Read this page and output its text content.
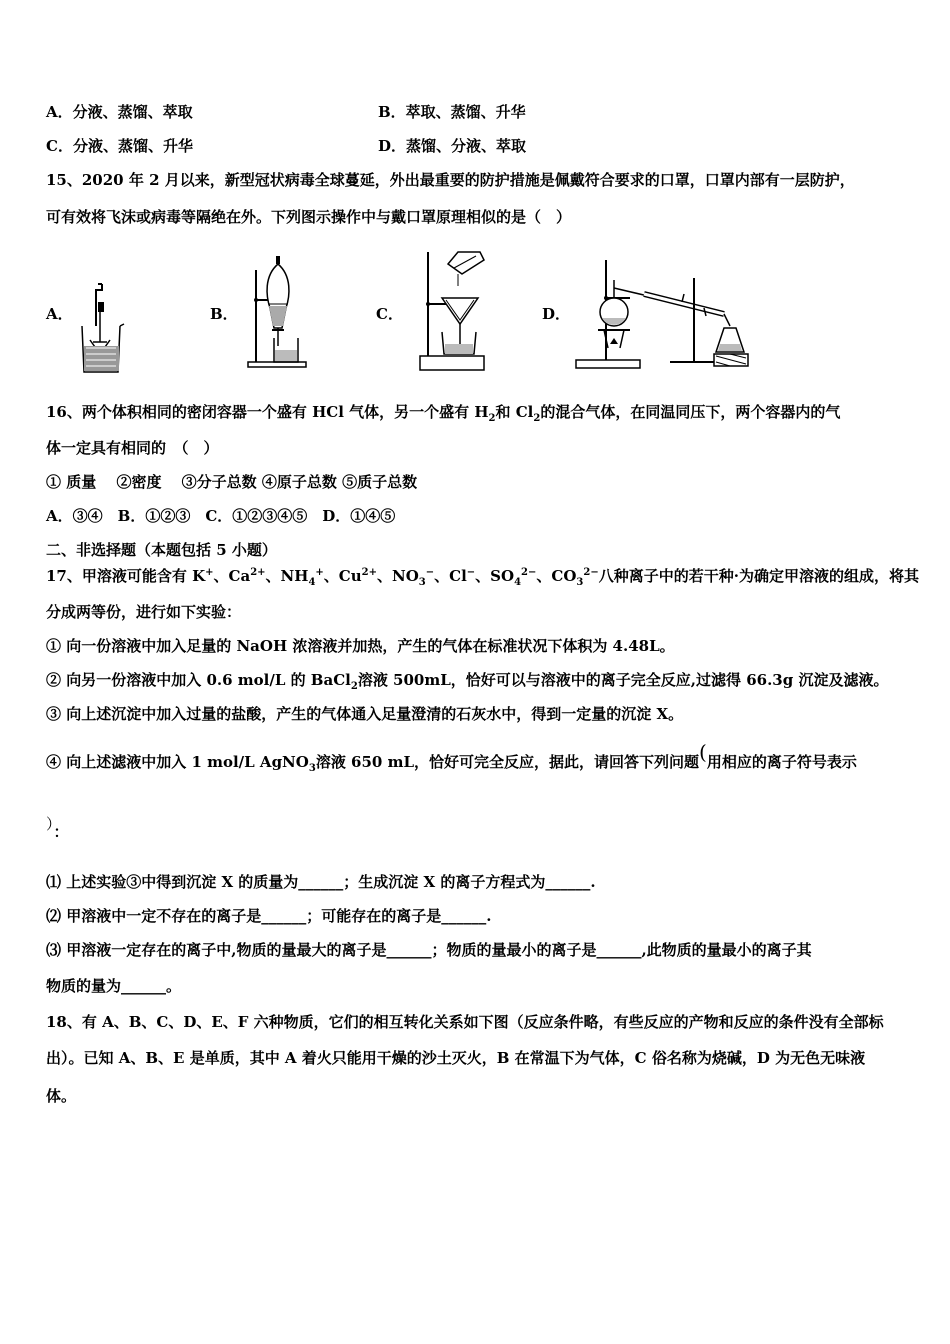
A．分液、蒸馏、萃取	B．萃取、蒸馏、升华
C．分液、蒸馏、升华	D．蒸馏、分液、萃取
15、2020 年 2 月以来，新型冠状病毒全球蔓延，外出最重要的防护措施是佩戴符合要求的口罩，口罩内部有一层防护，
可有效将飞沫或病毒等隔绝在外。下列图示操作中与戴口罩原理相似的是（　）
A．	B．	C．	D．
16、两个体积相同的密闭容器一个盛有 HCl 气体，另一个盛有 $H_2$和 $Cl_2$的混合气体，在同温同压下，两个容器内的气
体一定具有相同的　（　）
① 质量　 ②密度　 ③分子总数 ④原子总数 ⑤质子总数
A．③④　B．①②③　C．①②③④⑤　D．①④⑤
二、非选择题（本题包括 5 小题）
17、甲溶液可能含有 K+、$Ca^{2+}$、$NH_4^+$、$Cu^{2+}$、$NO_3^-$、Cl−、$SO_4^{2-}$、$CO_3^{2-}$八种离子中的若干种·为确定甲溶液的组成，将其
分成两等份，进行如下实验：
① 向一份溶液中加入足量的 NaOH 浓溶液并加热，产生的气体在标准状况下体积为 4.48L。
② 向另一份溶液中加入 0.6 mol/L 的 BaCl$_2$溶液 500mL，恰好可以与溶液中的离子完全反应,过滤得 66.3g 沉淀及滤液。
③ 向上述沉淀中加入过量的盐酸，产生的气体通入足量澄清的石灰水中，得到一定量的沉淀 X。
④ 向上述滤液中加入 1 mol/L AgNO$_3$溶液 650 mL，恰好可完全反应，据此，请回答下列问题(用相应的离子符号表示
）：
⑴ 上述实验③中得到沉淀 X 的质量为______；生成沉淀 X 的离子方程式为______.
⑵ 甲溶液中一定不存在的离子是______；可能存在的离子是______.
⑶ 甲溶液一定存在的离子中,物质的量最大的离子是______；物质的量最小的离子是______,此物质的量最小的离子其
物质的量为______。
18、有 A、B、C、D、E、F 六种物质，它们的相互转化关系如下图（反应条件略，有些反应的产物和反应的条件没有全部标
出）。已知 A、B、E 是单质，其中 A 着火只能用干燥的沙土灭火，B 在常温下为气体，C 俗名称为烧碱，D 为无色无味液
体。
